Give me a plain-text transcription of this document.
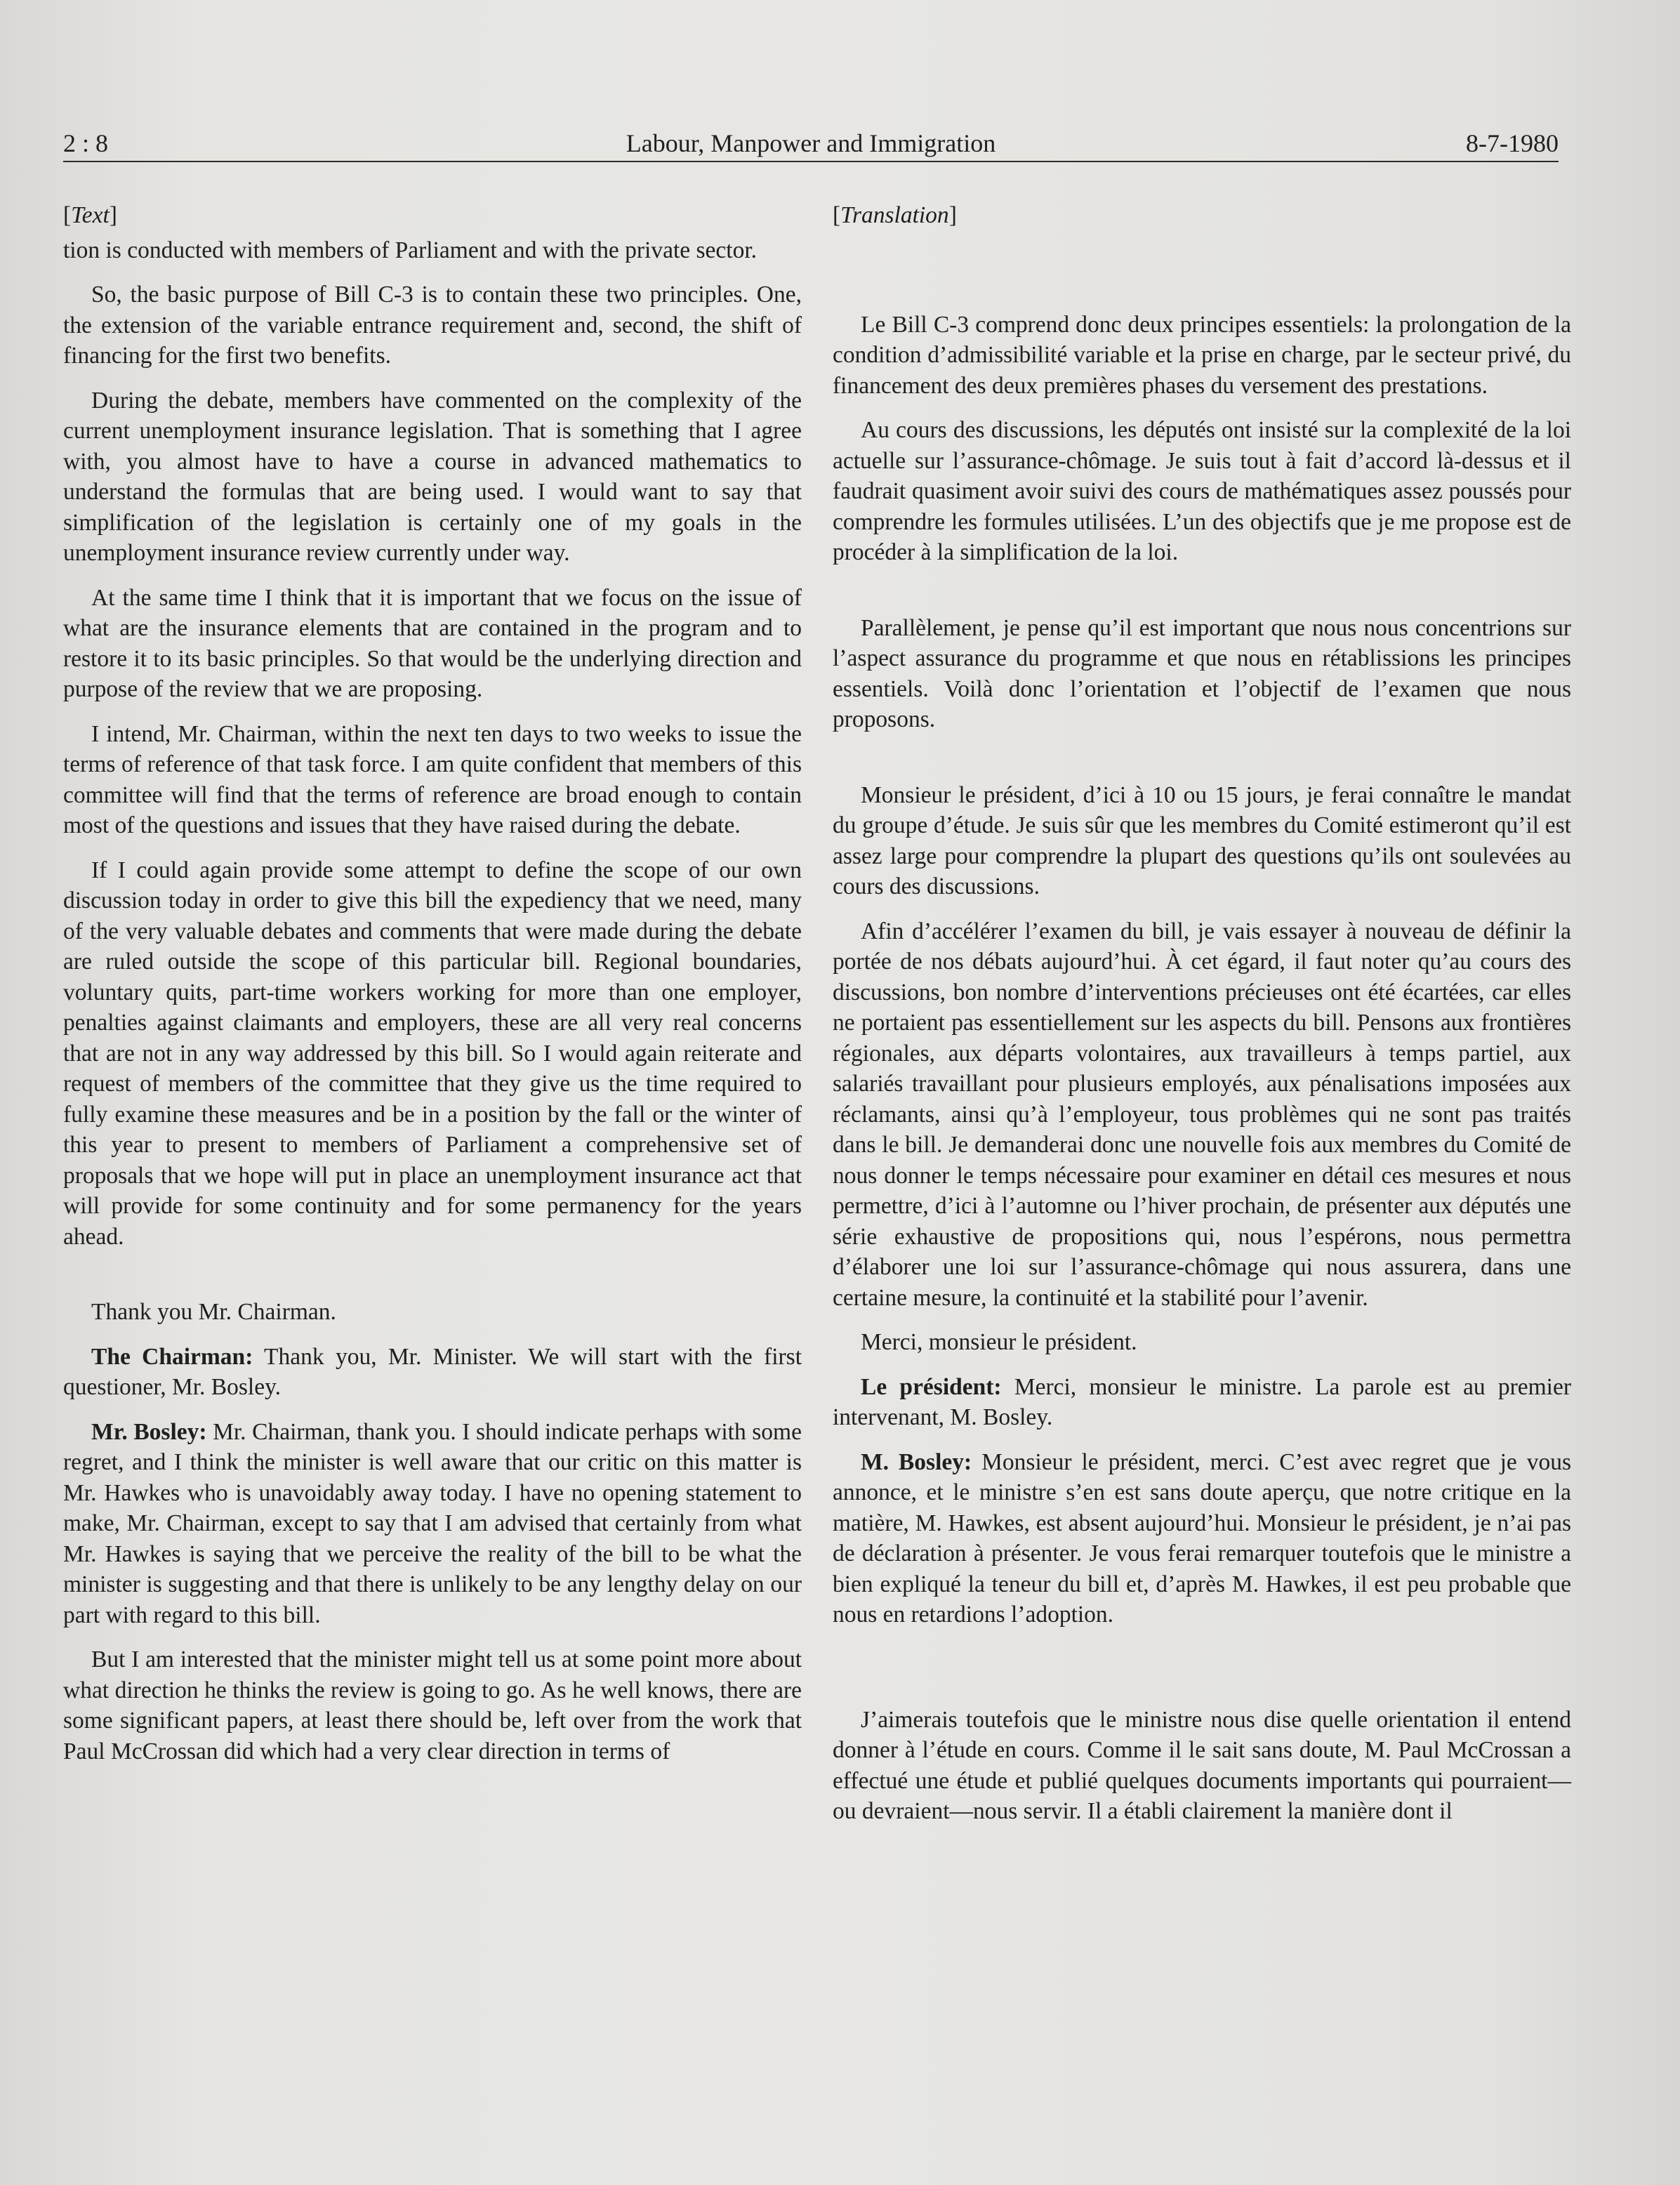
2 : 8	Labour, Manpower and Immigration	8-7-1980
[Text]

tion is conducted with members of Parliament and with the private sector.

So, the basic purpose of Bill C-3 is to contain these two principles. One, the extension of the variable entrance requirement and, second, the shift of financing for the first two benefits.

During the debate, members have commented on the complexity of the current unemployment insurance legislation. That is something that I agree with, you almost have to have a course in advanced mathematics to understand the formulas that are being used. I would want to say that simplification of the legislation is certainly one of my goals in the unemployment insurance review currently under way.

At the same time I think that it is important that we focus on the issue of what are the insurance elements that are contained in the program and to restore it to its basic principles. So that would be the underlying direction and purpose of the review that we are proposing.

I intend, Mr. Chairman, within the next ten days to two weeks to issue the terms of reference of that task force. I am quite confident that members of this committee will find that the terms of reference are broad enough to contain most of the questions and issues that they have raised during the debate.

If I could again provide some attempt to define the scope of our own discussion today in order to give this bill the expediency that we need, many of the very valuable debates and comments that were made during the debate are ruled outside the scope of this particular bill. Regional boundaries, voluntary quits, part-time workers working for more than one employer, penalties against claimants and employers, these are all very real concerns that are not in any way addressed by this bill. So I would again reiterate and request of members of the committee that they give us the time required to fully examine these measures and be in a position by the fall or the winter of this year to present to members of Parliament a comprehensive set of proposals that we hope will put in place an unemployment insurance act that will provide for some continuity and for some permanency for the years ahead.

Thank you Mr. Chairman.

The Chairman: Thank you, Mr. Minister. We will start with the first questioner, Mr. Bosley.

Mr. Bosley: Mr. Chairman, thank you. I should indicate perhaps with some regret, and I think the minister is well aware that our critic on this matter is Mr. Hawkes who is unavoidably away today. I have no opening statement to make, Mr. Chairman, except to say that I am advised that certainly from what Mr. Hawkes is saying that we perceive the reality of the bill to be what the minister is suggesting and that there is unlikely to be any lengthy delay on our part with regard to this bill.

But I am interested that the minister might tell us at some point more about what direction he thinks the review is going to go. As he well knows, there are some significant papers, at least there should be, left over from the work that Paul McCrossan did which had a very clear direction in terms of

[Translation]

Le Bill C-3 comprend donc deux principes essentiels: la prolongation de la condition d’admissibilité variable et la prise en charge, par le secteur privé, du financement des deux premières phases du versement des prestations.

Au cours des discussions, les députés ont insisté sur la complexité de la loi actuelle sur l’assurance-chômage. Je suis tout à fait d’accord là-dessus et il faudrait quasiment avoir suivi des cours de mathématiques assez poussés pour comprendre les formules utilisées. L’un des objectifs que je me propose est de procéder à la simplification de la loi.

Parallèlement, je pense qu’il est important que nous nous concentrions sur l’aspect assurance du programme et que nous en rétablissions les principes essentiels. Voilà donc l’orientation et l’objectif de l’examen que nous proposons.

Monsieur le président, d’ici à 10 ou 15 jours, je ferai connaître le mandat du groupe d’étude. Je suis sûr que les membres du Comité estimeront qu’il est assez large pour comprendre la plupart des questions qu’ils ont soulevées au cours des discussions.

Afin d’accélérer l’examen du bill, je vais essayer à nouveau de définir la portée de nos débats aujourd’hui. À cet égard, il faut noter qu’au cours des discussions, bon nombre d’interventions précieuses ont été écartées, car elles ne portaient pas essentiellement sur les aspects du bill. Pensons aux frontières régionales, aux départs volontaires, aux travailleurs à temps partiel, aux salariés travaillant pour plusieurs employés, aux pénalisations imposées aux réclamants, ainsi qu’à l’employeur, tous problèmes qui ne sont pas traités dans le bill. Je demanderai donc une nouvelle fois aux membres du Comité de nous donner le temps nécessaire pour examiner en détail ces mesures et nous permettre, d’ici à l’automne ou l’hiver prochain, de présenter aux députés une série exhaustive de propositions qui, nous l’espérons, nous permettra d’élaborer une loi sur l’assurance-chômage qui nous assurera, dans une certaine mesure, la continuité et la stabilité pour l’avenir.

Merci, monsieur le président.

Le président: Merci, monsieur le ministre. La parole est au premier intervenant, M. Bosley.

M. Bosley: Monsieur le président, merci. C’est avec regret que je vous annonce, et le ministre s’en est sans doute aperçu, que notre critique en la matière, M. Hawkes, est absent aujourd’hui. Monsieur le président, je n’ai pas de déclaration à présenter. Je vous ferai remarquer toutefois que le ministre a bien expliqué la teneur du bill et, d’après M. Hawkes, il est peu probable que nous en retardions l’adoption.

J’aimerais toutefois que le ministre nous dise quelle orientation il entend donner à l’étude en cours. Comme il le sait sans doute, M. Paul McCrossan a effectué une étude et publié quelques documents importants qui pourraient—ou devraient—nous servir. Il a établi clairement la manière dont il
